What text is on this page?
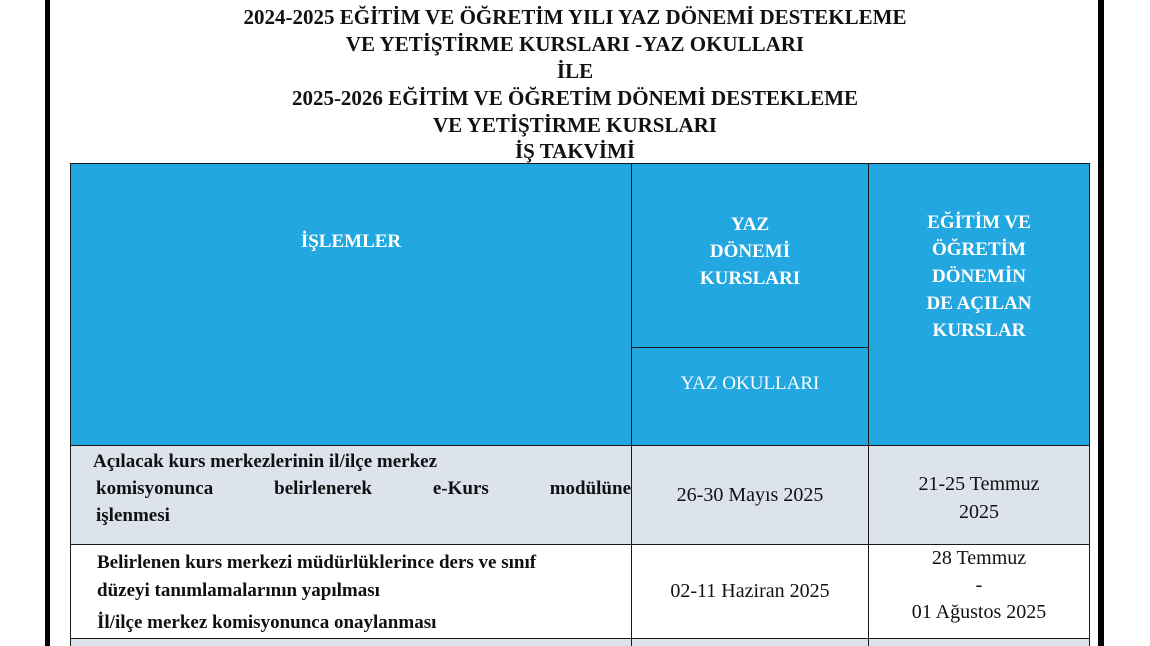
2024-2025 EĞİTİM VE ÖĞRETİM YILI YAZ DÖNEMİ DESTEKLEME
VE YETİŞTİRME KURSLARI -YAZ OKULLARI
İLE
2025-2026 EĞİTİM VE ÖĞRETİM DÖNEMİ DESTEKLEME
VE YETİŞTİRME KURSLARI
İŞ TAKVİMİ
İŞLEMLER
YAZ
DÖNEMİ
KURSLARI
YAZ OKULLARI
EĞİTİM VE
ÖĞRETİM
DÖNEMİN
DE AÇILAN
KURSLAR
Açılacak kurs merkezlerinin il/ilçe merkez
komisyonunca belirlenerek e-Kurs modülüne
işlenmesi
26-30 Mayıs 2025	21-25 Temmuz
2025
Belirlenen kurs merkezi müdürlüklerince ders ve sınıf
düzeyi tanımlamalarının yapılması
İl/ilçe merkez komisyonunca onaylanması
02-11 Haziran 2025
28 Temmuz
-
01 Ağustos 2025
